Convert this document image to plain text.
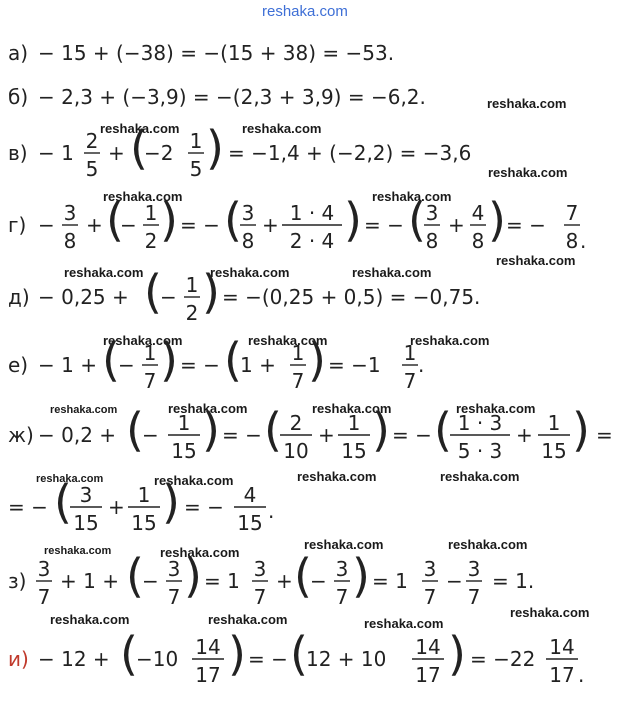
reshaka.com
reshaka.com
reshaka.com	reshaka.com
reshaka.com
reshaka.com	reshaka.com
reshaka.com
reshaka.com	reshaka.com	reshaka.com
reshaka.com	reshaka.com	reshaka.com
reshaka.com	reshaka.com	reshaka.com	reshaka.com
reshaka.com	reshaka.com	reshaka.com	reshaka.com
reshaka.com	reshaka.com
reshaka.com	reshaka.com
reshaka.com
reshaka.com	reshaka.com	reshaka.com
а) − 15 + (−38) = −(15 + 38) = −53.
б) − 2,3 + (−3,9) = −(2,3 + 3,9) = −6,2.
в) − 1 2
5
+ (
−2 1
5 ) = −1,4 + (−2,2) = −3,6
г) − 3
8
+ (
− 1
2 ) = − ( 3
8
+ 1 · 4
2 · 4 ) = − ( 3
8
+ 4
8 ) = − 7
8 .
д) − 0,25 + (
− 1
2 ) = −(0,25 + 0,5) = −0,75.
е) − 1 + (
− 1
7 ) = − (
1 + 1
7 ) = −1 1
7
.
ж) − 0,2 + (
− 1
15 ) = − ( 2
10
+ 1
15 ) = − ( 1 · 3
5 · 3
+ 1
15 ) =
= − ( 3
15
+ 1
15 ) = − 4
15 .
з) 3
7
+ 1 + (
− 3
7 ) = 1 3
7
+ (
− 3
7 ) = 1 3
7
− 3
7
= 1.
и) − 12 + (
−10 14
17 ) = − (
12 + 10 14
17 ) = −22 14
17 .
